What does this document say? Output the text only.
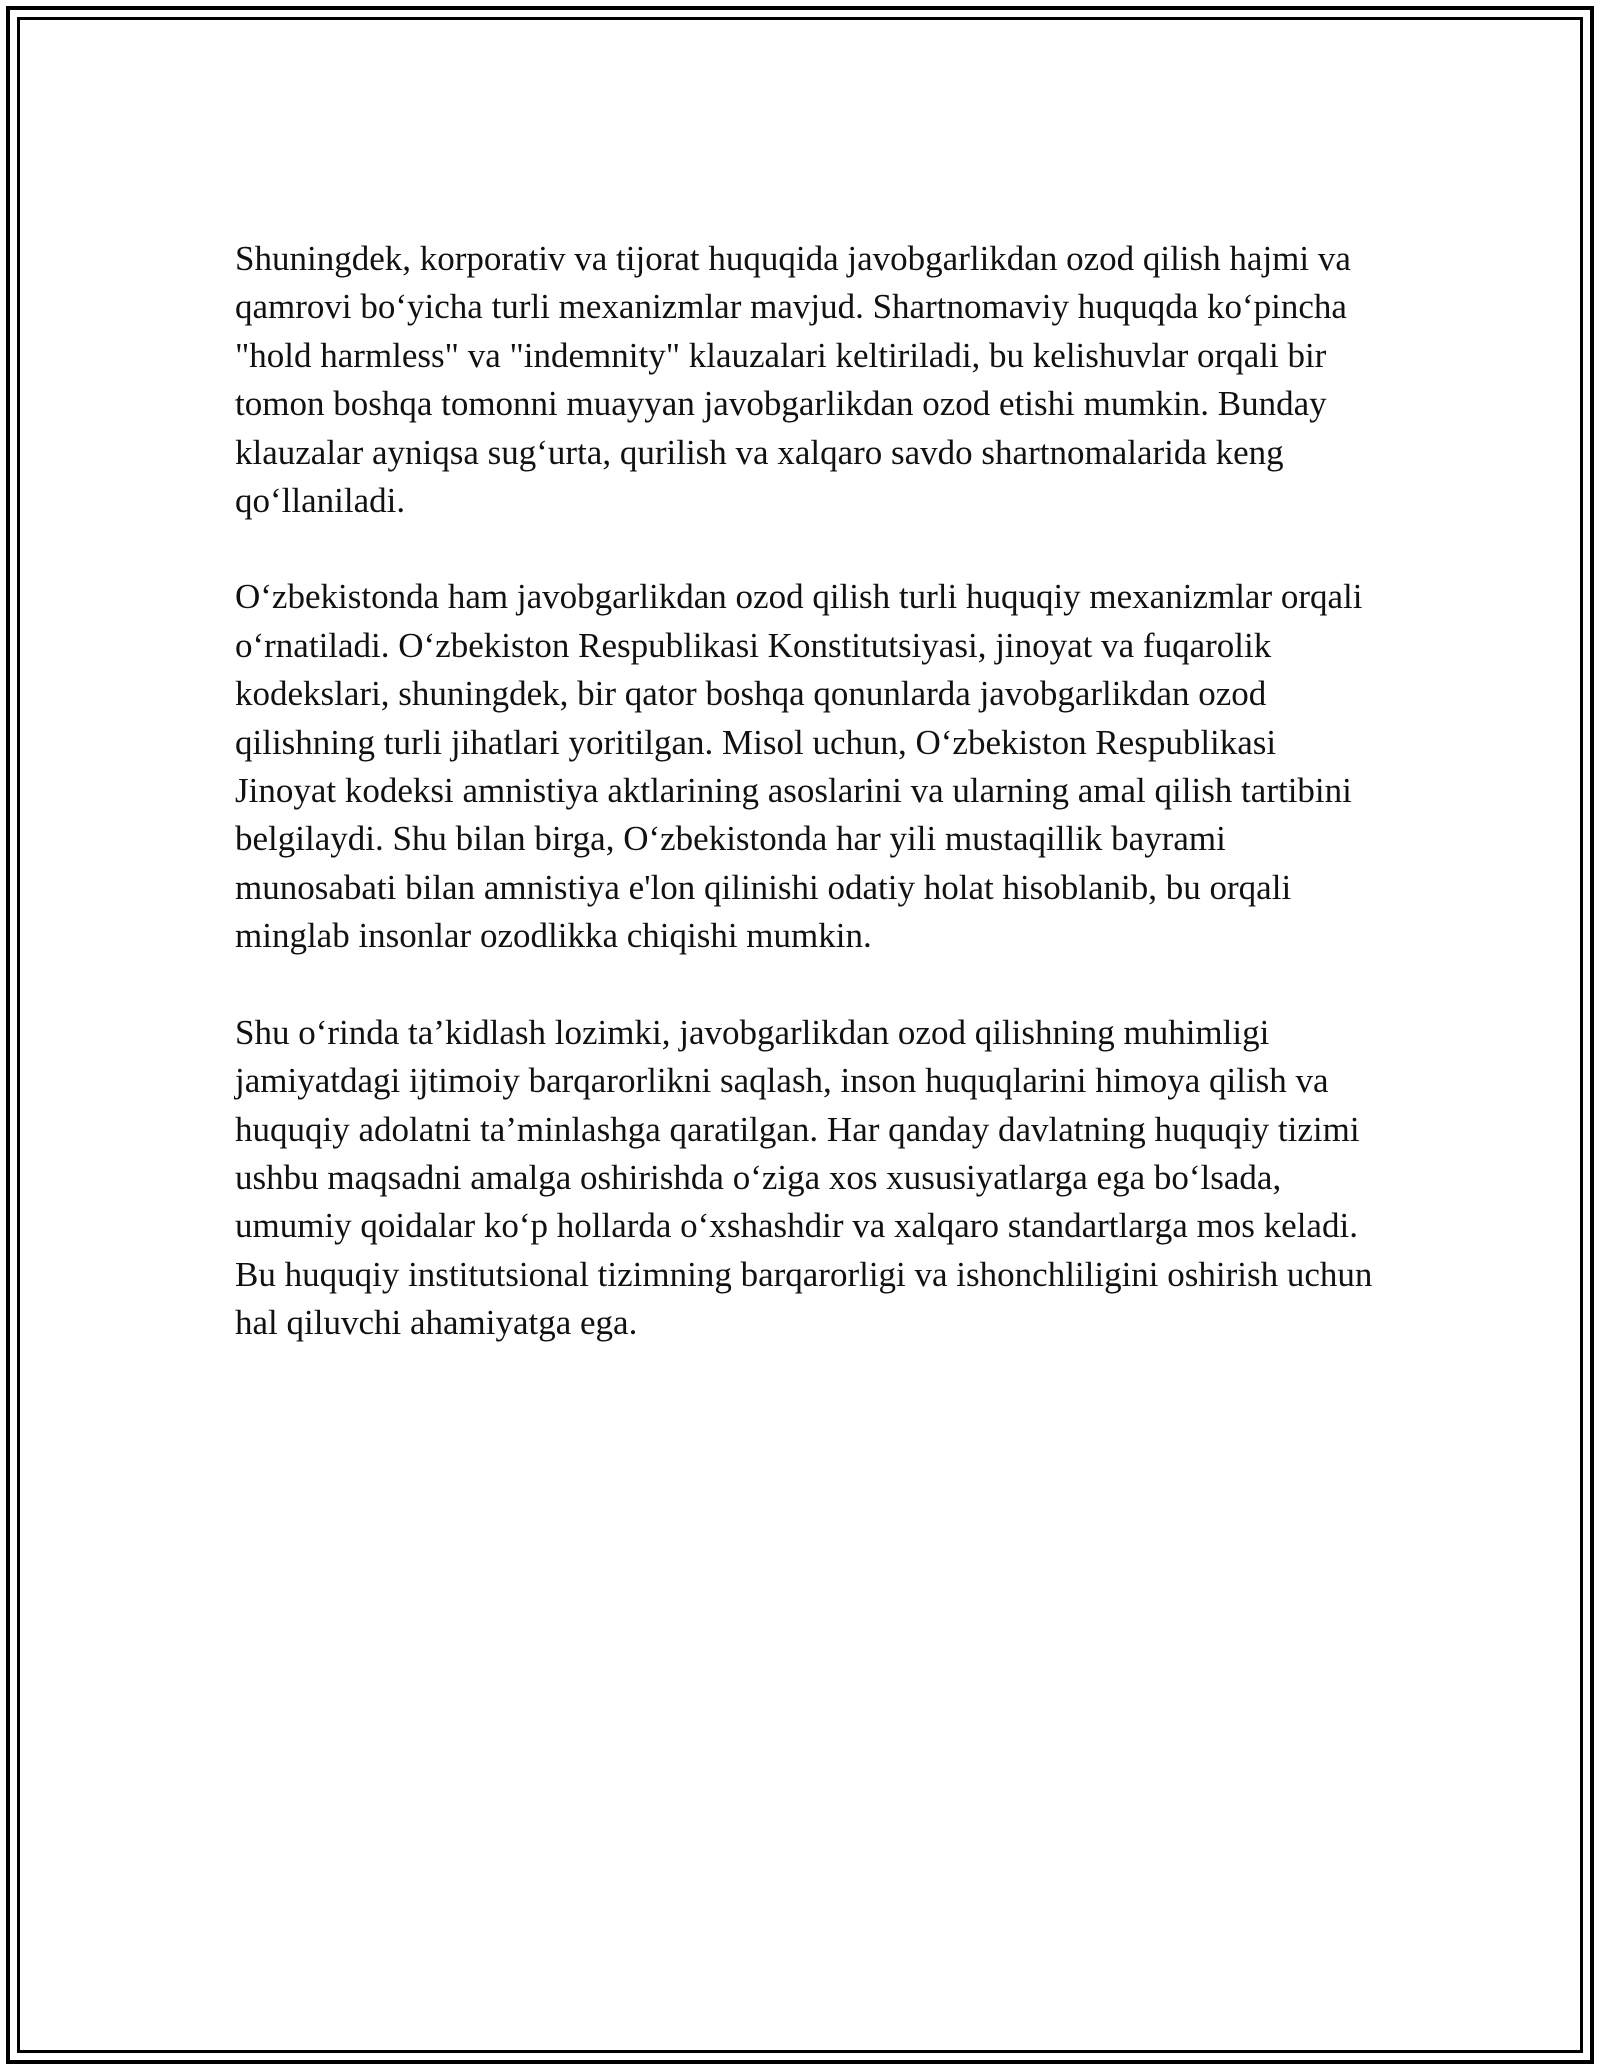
Shuningdek, korporativ va tijorat huquqida javobgarlikdan ozod qilish hajmi va qamrovi bo‘yicha turli mexanizmlar mavjud. Shartnomaviy huquqda ko‘pincha "hold harmless" va "indemnity" klauzalari keltiriladi, bu kelishuvlar orqali bir tomon boshqa tomonni muayyan javobgarlikdan ozod etishi mumkin. Bunday klauzalar ayniqsa sug‘urta, qurilish va xalqaro savdo shartnomalarida keng qo‘llaniladi.

O‘zbekistonda ham javobgarlikdan ozod qilish turli huquqiy mexanizmlar orqali o‘rnatiladi. O‘zbekiston Respublikasi Konstitutsiyasi, jinoyat va fuqarolik kodekslari, shuningdek, bir qator boshqa qonunlarda javobgarlikdan ozod qilishning turli jihatlari yoritilgan. Misol uchun, O‘zbekiston Respublikasi Jinoyat kodeksi amnistiya aktlarining asoslarini va ularning amal qilish tartibini belgilaydi. Shu bilan birga, O‘zbekistonda har yili mustaqillik bayrami munosabati bilan amnistiya e'lon qilinishi odatiy holat hisoblanib, bu orqali minglab insonlar ozodlikka chiqishi mumkin.

Shu o‘rinda ta’kidlash lozimki, javobgarlikdan ozod qilishning muhimligi jamiyatdagi ijtimoiy barqarorlikni saqlash, inson huquqlarini himoya qilish va huquqiy adolatni ta’minlashga qaratilgan. Har qanday davlatning huquqiy tizimi ushbu maqsadni amalga oshirishda o‘ziga xos xususiyatlarga ega bo‘lsada, umumiy qoidalar ko‘p hollarda o‘xshashdir va xalqaro standartlarga mos keladi. Bu huquqiy institutsional tizimning barqarorligi va ishonchliligini oshirish uchun hal qiluvchi ahamiyatga ega.
